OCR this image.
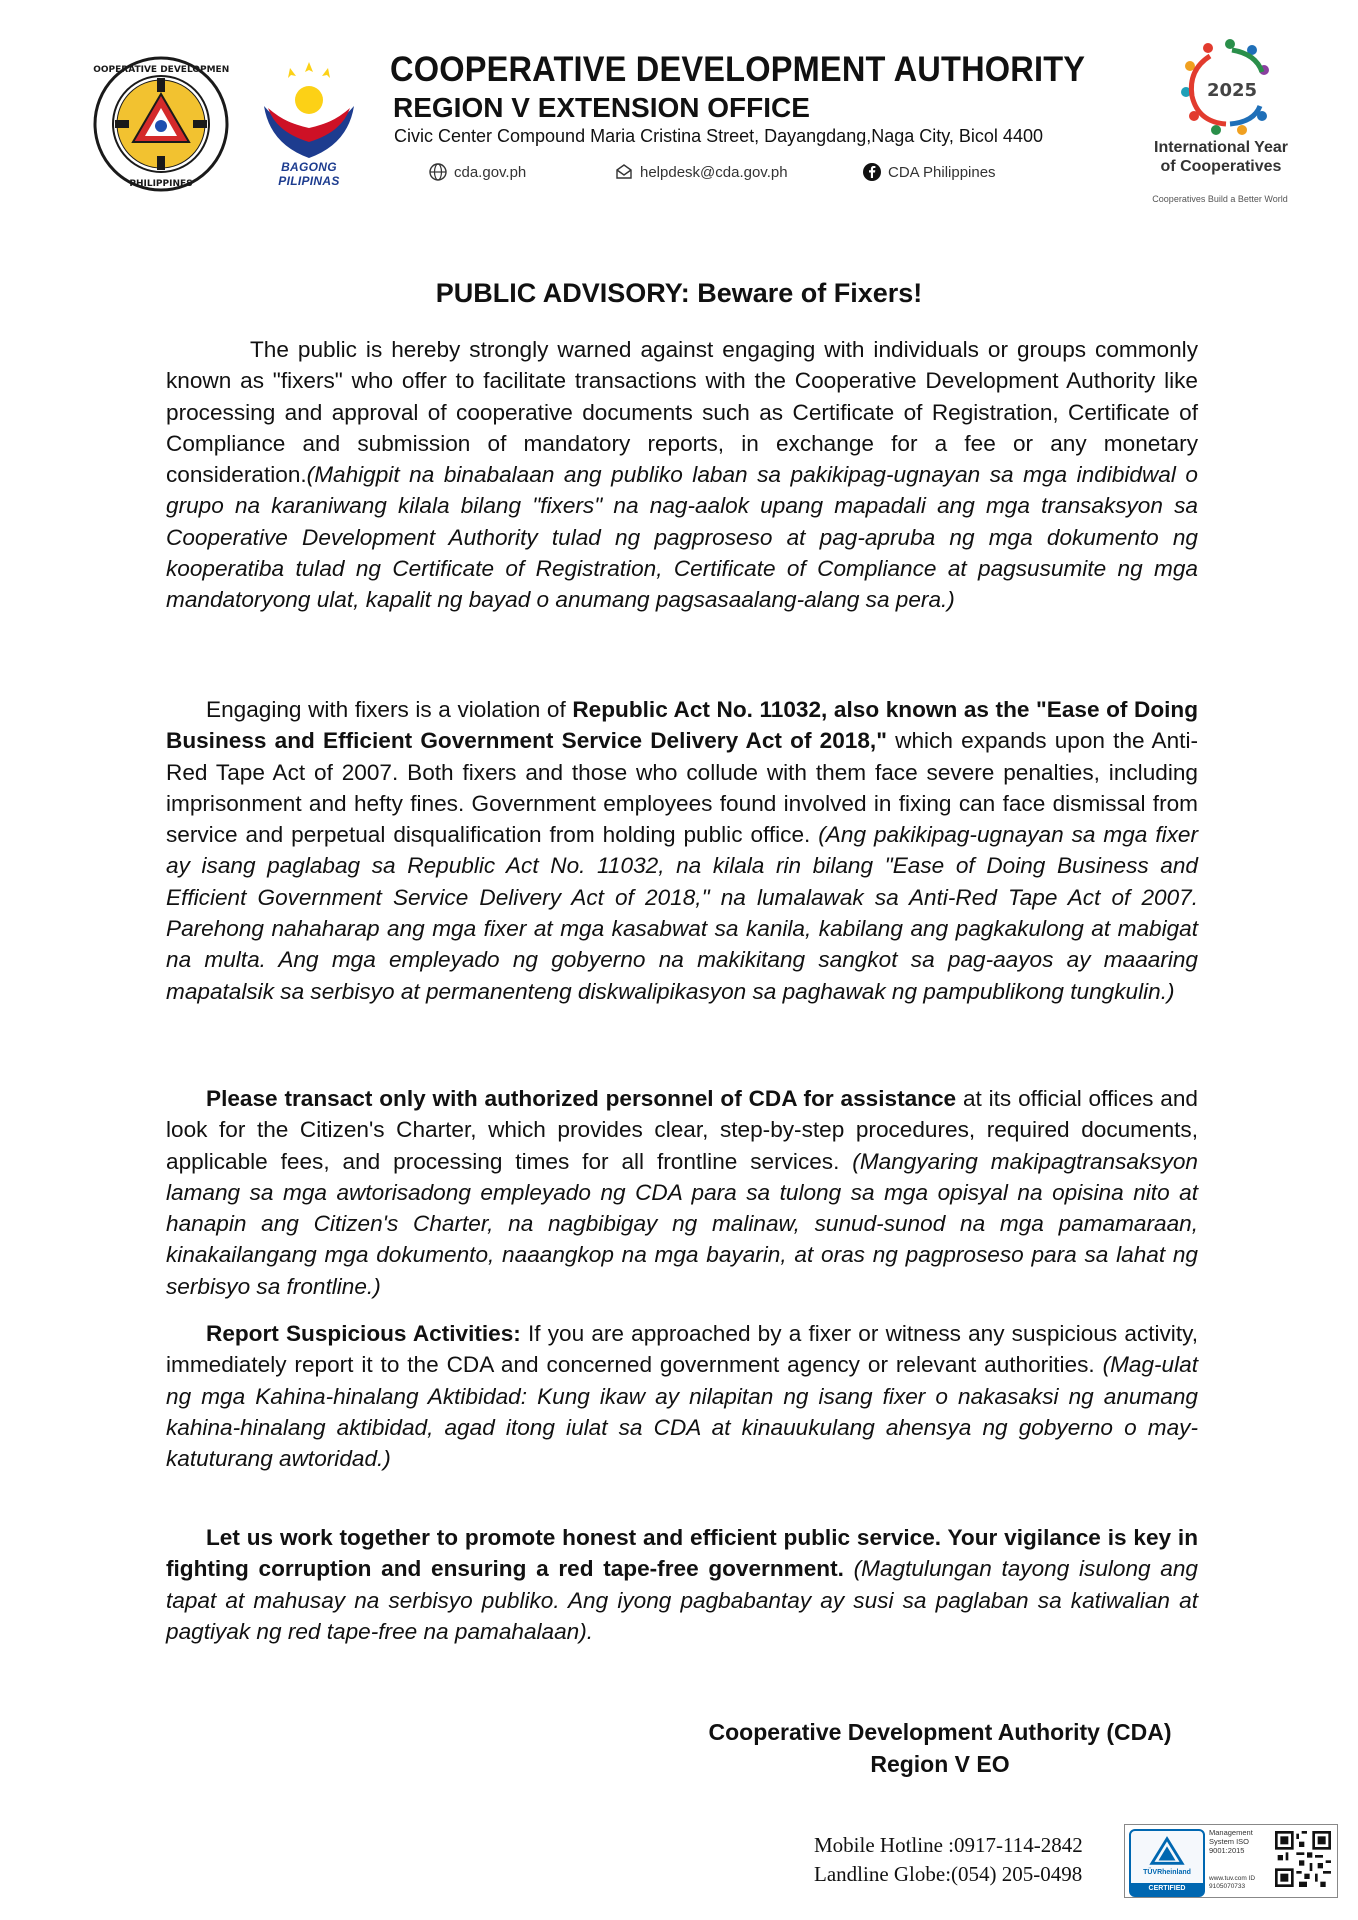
COOPERATIVE DEVELOPMENT
PHILIPPINES
BAGONG PILIPINAS
COOPERATIVE DEVELOPMENT AUTHORITY
REGION V EXTENSION OFFICE
Civic Center Compound Maria Cristina Street, Dayangdang,Naga City, Bicol 4400
cda.gov.ph	helpdesk@cda.gov.ph	CDA Philippines
2025
International Year of Cooperatives
Cooperatives Build a Better World
PUBLIC ADVISORY: Beware of Fixers!

The public is hereby strongly warned against engaging with individuals or groups commonly known as "fixers" who offer to facilitate transactions with the Cooperative Development Authority like processing and approval of cooperative documents such as Certificate of Registration, Certificate of Compliance and submission of mandatory reports, in exchange for a fee or any monetary consideration.(Mahigpit na binabalaan ang publiko laban sa pakikipag-ugnayan sa mga indibidwal o grupo na karaniwang kilala bilang "fixers" na nag-aalok upang mapadali ang mga transaksyon sa Cooperative Development Authority tulad ng pagproseso at pag-apruba ng mga dokumento ng kooperatiba tulad ng Certificate of Registration, Certificate of Compliance at pagsusumite ng mga mandatoryong ulat, kapalit ng bayad o anumang pagsasaalang-alang sa pera.)

Engaging with fixers is a violation of Republic Act No. 11032, also known as the "Ease of Doing Business and Efficient Government Service Delivery Act of 2018," which expands upon the Anti-Red Tape Act of 2007. Both fixers and those who collude with them face severe penalties, including imprisonment and hefty fines. Government employees found involved in fixing can face dismissal from service and perpetual disqualification from holding public office. (Ang pakikipag-ugnayan sa mga fixer ay isang paglabag sa Republic Act No. 11032, na kilala rin bilang "Ease of Doing Business and Efficient Government Service Delivery Act of 2018," na lumalawak sa Anti-Red Tape Act of 2007. Parehong nahaharap ang mga fixer at mga kasabwat sa kanila, kabilang ang pagkakulong at mabigat na multa. Ang mga empleyado ng gobyerno na makikitang sangkot sa pag-aayos ay maaaring mapatalsik sa serbisyo at permanenteng diskwalipikasyon sa paghawak ng pampublikong tungkulin.)

Please transact only with authorized personnel of CDA for assistance at its official offices and look for the Citizen's Charter, which provides clear, step-by-step procedures, required documents, applicable fees, and processing times for all frontline services. (Mangyaring makipagtransaksyon lamang sa mga awtorisadong empleyado ng CDA para sa tulong sa mga opisyal na opisina nito at hanapin ang Citizen's Charter, na nagbibigay ng malinaw, sunud-sunod na mga pamamaraan, kinakailangang mga dokumento, naaangkop na mga bayarin, at oras ng pagproseso para sa lahat ng serbisyo sa frontline.)

Report Suspicious Activities: If you are approached by a fixer or witness any suspicious activity, immediately report it to the CDA and concerned government agency or relevant authorities. (Mag-ulat ng mga Kahina-hinalang Aktibidad: Kung ikaw ay nilapitan ng isang fixer o nakasaksi ng anumang kahina-hinalang aktibidad, agad itong iulat sa CDA at kinauukulang ahensya ng gobyerno o may-katuturang awtoridad.)

Let us work together to promote honest and efficient public service. Your vigilance is key in fighting corruption and ensuring a red tape-free government. (Magtulungan tayong isulong ang tapat at mahusay na serbisyo publiko. Ang iyong pagbabantay ay susi sa paglaban sa katiwalian at pagtiyak ng red tape-free na pamahalaan).

Cooperative Development Authority (CDA)
Region V EO
Mobile Hotline :0917-114-2842
Landline Globe:(054) 205-0498	TÜVRheinland
CERTIFIED
Management System ISO 9001:2015
www.tuv.com ID 9105070733
